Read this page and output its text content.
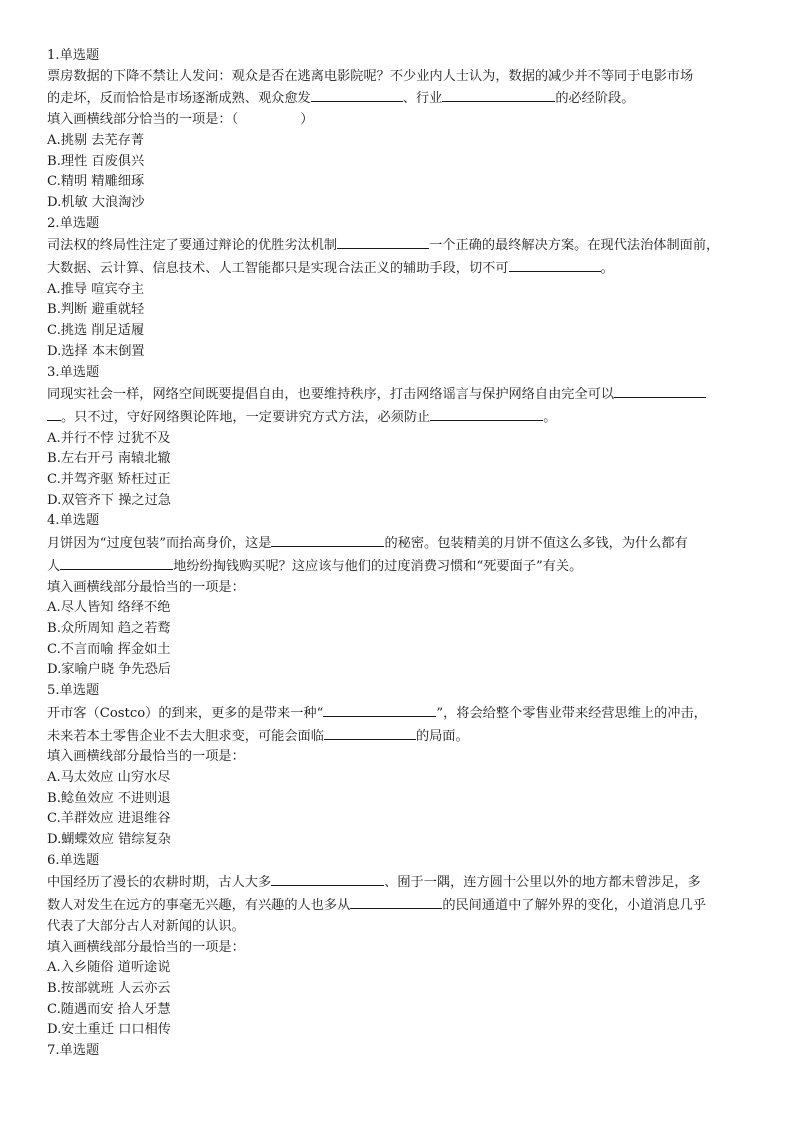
1.单选题
票房数据的下降不禁让人发问：观众是否在逃离电影院呢？不少业内人士认为，数据的减少并不等同于电影市场
的走坏，反而恰恰是市场逐渐成熟、观众愈发	、行业	的必经阶段。
填入画横线部分恰当的一项是：（	）
A.挑剔 去芜存菁
B.理性 百废俱兴
C.精明 精雕细琢
D.机敏 大浪淘沙
2.单选题
司法权的终局性注定了要通过辩论的优胜劣汰机制	一个正确的最终解决方案。在现代法治体制面前，
大数据、云计算、信息技术、人工智能都只是实现合法正义的辅助手段，切不可	。
A.推导 喧宾夺主
B.判断 避重就轻
C.挑选 削足适履
D.选择 本末倒置
3.单选题
同现实社会一样，网络空间既要提倡自由，也要维持秩序，打击网络谣言与保护网络自由完全可以
。只不过，守好网络舆论阵地，一定要讲究方式方法，必须防止	。
A.并行不悖 过犹不及
B.左右开弓 南辕北辙
C.并驾齐驱 矫枉过正
D.双管齐下 操之过急
4.单选题
月饼因为“过度包装”而抬高身价，这是	的秘密。包装精美的月饼不值这么多钱，为什么都有
人	地纷纷掏钱购买呢？这应该与他们的过度消费习惯和“死要面子”有关。
填入画横线部分最恰当的一项是：
A.尽人皆知 络绎不绝
B.众所周知 趋之若鹜
C.不言而喻 挥金如土
D.家喻户晓 争先恐后
5.单选题
开市客（Costco）的到来，更多的是带来一种“	”，将会给整个零售业带来经营思维上的冲击，
未来若本土零售企业不去大胆求变，可能会面临	的局面。
填入画横线部分最恰当的一项是：
A.马太效应 山穷水尽
B.鲶鱼效应 不进则退
C.羊群效应 进退维谷
D.蝴蝶效应 错综复杂
6.单选题
中国经历了漫长的农耕时期，古人大多	、囿于一隅，连方圆十公里以外的地方都未曾涉足，多
数人对发生在远方的事毫无兴趣，有兴趣的人也多从	的民间通道中了解外界的变化，小道消息几乎
代表了大部分古人对新闻的认识。
填入画横线部分最恰当的一项是：
A.入乡随俗 道听途说
B.按部就班 人云亦云
C.随遇而安 拾人牙慧
D.安土重迁 口口相传
7.单选题
